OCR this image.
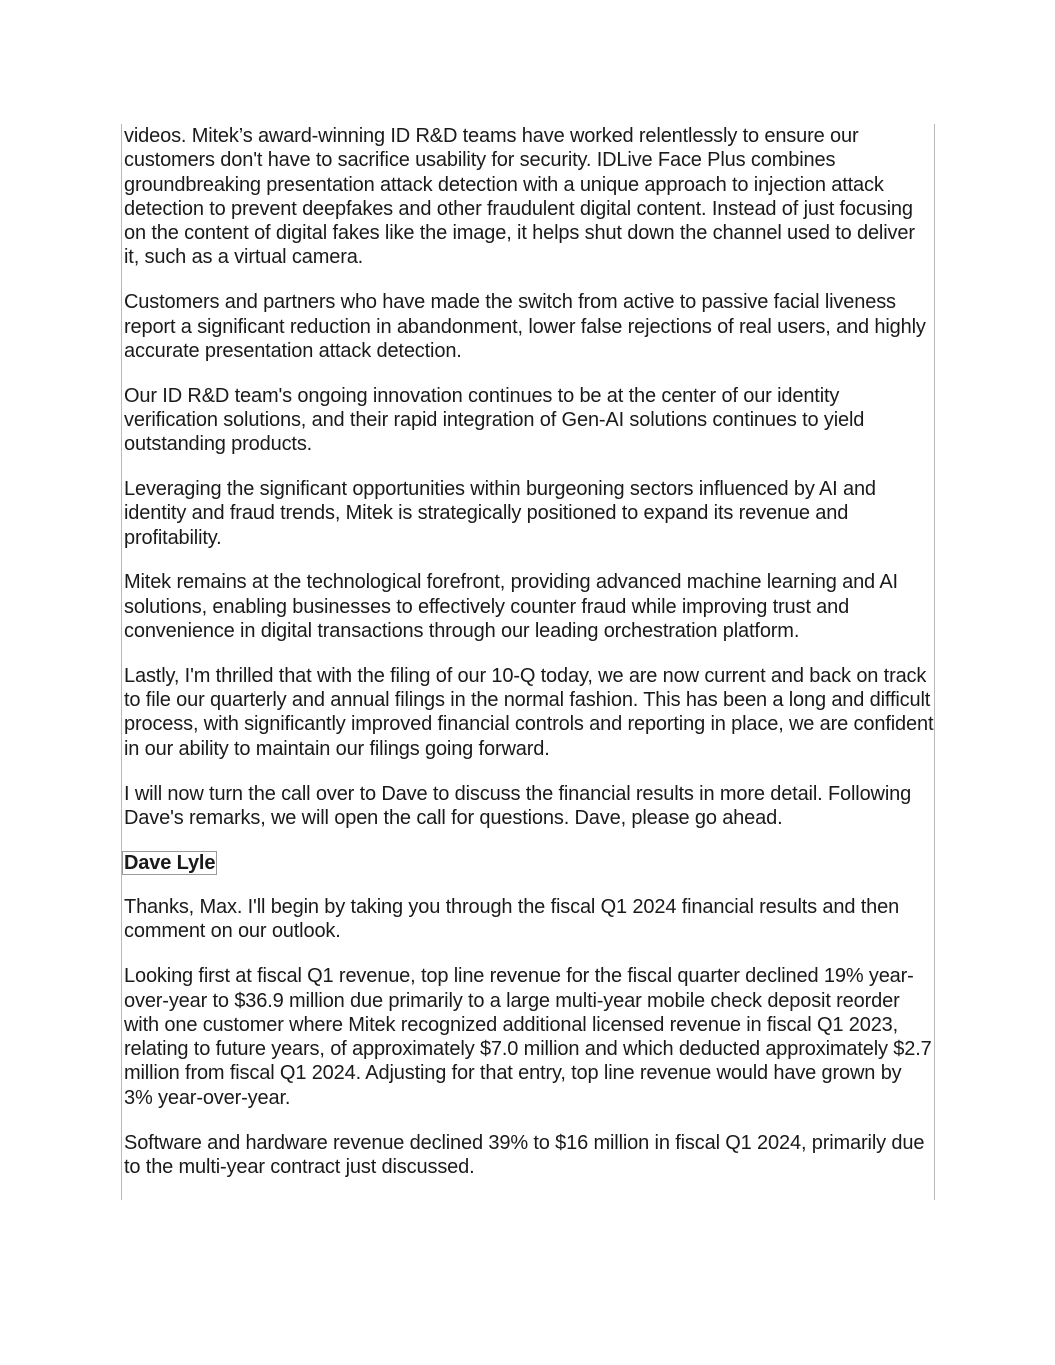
videos. Mitek’s award-winning ID R&D teams have worked relentlessly to ensure our customers don't have to sacrifice usability for security. IDLive Face Plus combines groundbreaking presentation attack detection with a unique approach to injection attack detection to prevent deepfakes and other fraudulent digital content. Instead of just focusing on the content of digital fakes like the image, it helps shut down the channel used to deliver it, such as a virtual camera.

Customers and partners who have made the switch from active to passive facial liveness report a significant reduction in abandonment, lower false rejections of real users, and highly accurate presentation attack detection.

Our ID R&D team's ongoing innovation continues to be at the center of our identity verification solutions, and their rapid integration of Gen-AI solutions continues to yield outstanding products.

Leveraging the significant opportunities within burgeoning sectors influenced by AI and identity and fraud trends, Mitek is strategically positioned to expand its revenue and profitability.

Mitek remains at the technological forefront, providing advanced machine learning and AI solutions, enabling businesses to effectively counter fraud while improving trust and convenience in digital transactions through our leading orchestration platform.

Lastly, I'm thrilled that with the filing of our 10-Q today, we are now current and back on track to file our quarterly and annual filings in the normal fashion. This has been a long and difficult process, with significantly improved financial controls and reporting in place, we are confident in our ability to maintain our filings going forward.

I will now turn the call over to Dave to discuss the financial results in more detail. Following Dave's remarks, we will open the call for questions. Dave, please go ahead.

Dave Lyle

Thanks, Max. I'll begin by taking you through the fiscal Q1 2024 financial results and then comment on our outlook.

Looking first at fiscal Q1 revenue, top line revenue for the fiscal quarter declined 19% year-over-year to $36.9 million due primarily to a large multi-year mobile check deposit reorder with one customer where Mitek recognized additional licensed revenue in fiscal Q1 2023, relating to future years, of approximately $7.0 million and which deducted approximately $2.7 million from fiscal Q1 2024. Adjusting for that entry, top line revenue would have grown by 3% year-over-year.

Software and hardware revenue declined 39% to $16 million in fiscal Q1 2024, primarily due to the multi-year contract just discussed.
